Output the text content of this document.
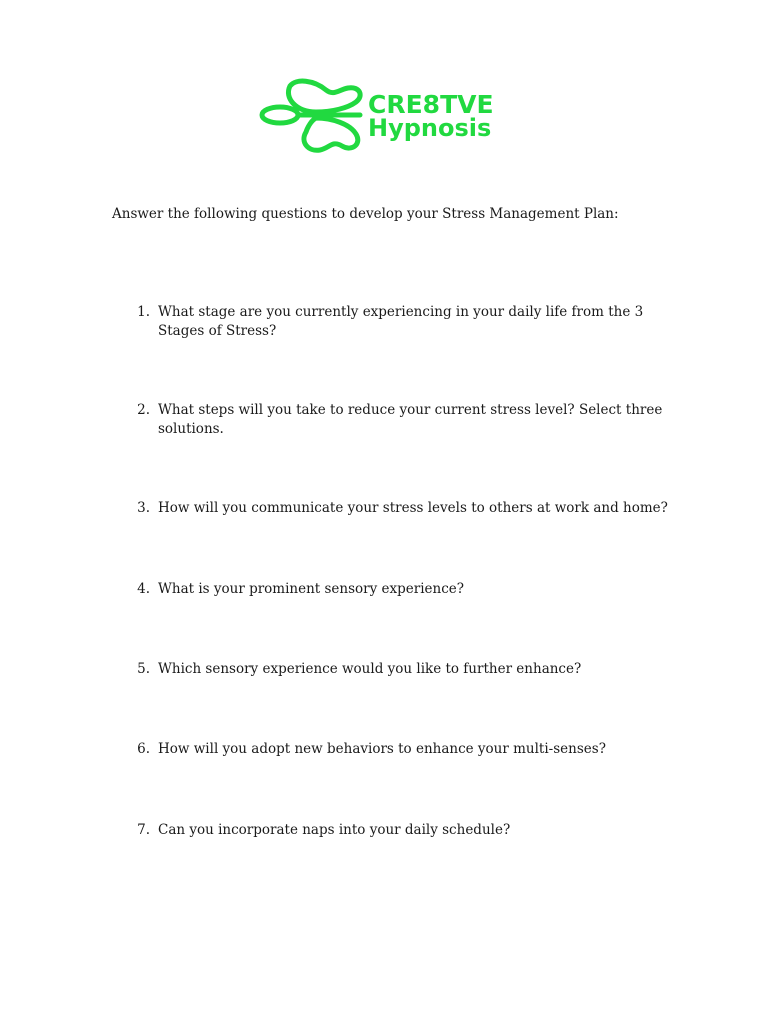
CRE8TVE
Hypnosis
Answer the following questions to develop your Stress Management Plan:
1. What stage are you currently experiencing in your daily life from the 3 Stages of Stress?
2. What steps will you take to reduce your current stress level? Select three solutions.
3. How will you communicate your stress levels to others at work and home?
4. What is your prominent sensory experience?
5. Which sensory experience would you like to further enhance?
6. How will you adopt new behaviors to enhance your multi-senses?
7. Can you incorporate naps into your daily schedule?
